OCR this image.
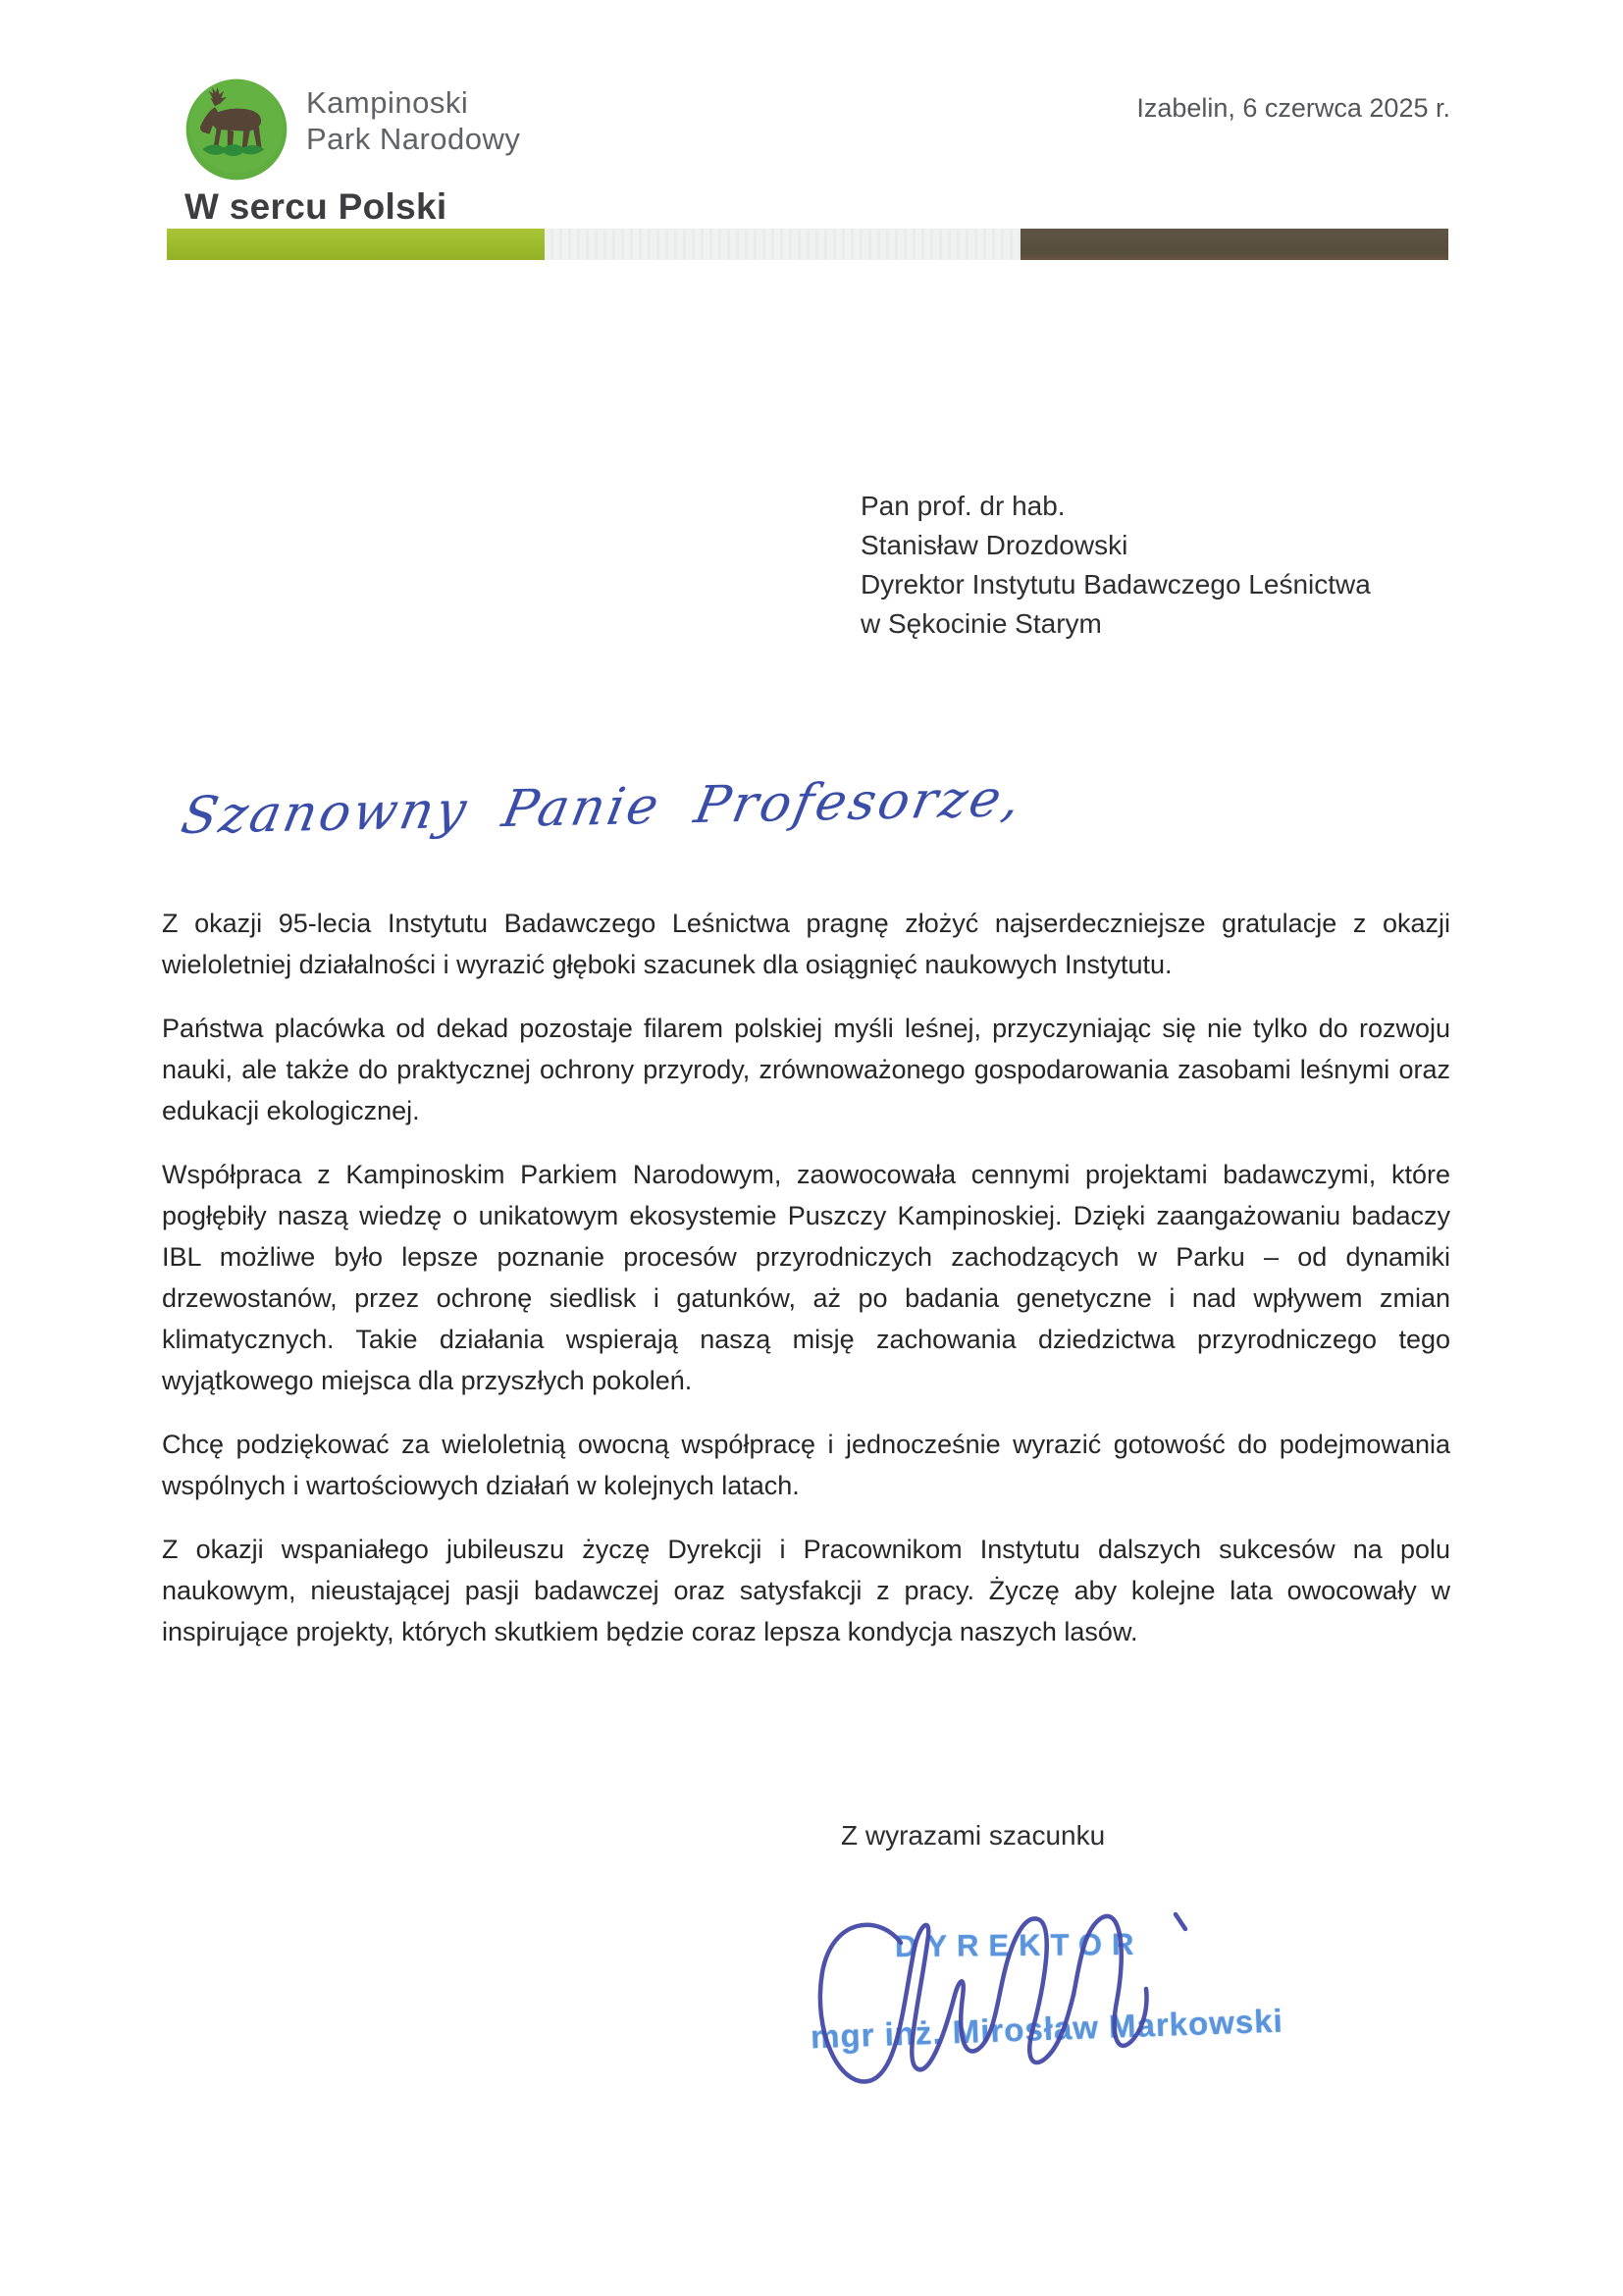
Kampinoski
Park Narodowy
W sercu Polski
Izabelin, 6 czerwca 2025 r.
Pan prof. dr hab.
Stanisław Drozdowski
Dyrektor Instytutu Badawczego Leśnictwa
w Sękocinie Starym
Szanowny Panie Profesorze,

Z okazji 95-lecia Instytutu Badawczego Leśnictwa pragnę złożyć najserdeczniejsze gratulacje z okazji wieloletniej działalności i wyrazić głęboki szacunek dla osiągnięć naukowych Instytutu.

Państwa placówka od dekad pozostaje filarem polskiej myśli leśnej, przyczyniając się nie tylko do rozwoju nauki, ale także do praktycznej ochrony przyrody, zrównoważonego gospodarowania zasobami leśnymi oraz edukacji ekologicznej.

Współpraca z Kampinoskim Parkiem Narodowym, zaowocowała cennymi projektami badawczymi, które pogłębiły naszą wiedzę o unikatowym ekosystemie Puszczy Kampinoskiej. Dzięki zaangażowaniu badaczy IBL możliwe było lepsze poznanie procesów przyrodniczych zachodzących w Parku – od dynamiki drzewostanów, przez ochronę siedlisk i gatunków, aż po badania genetyczne i nad wpływem zmian klimatycznych. Takie działania wspierają naszą misję zachowania dziedzictwa przyrodniczego tego wyjątkowego miejsca dla przyszłych pokoleń.

Chcę podziękować za wieloletnią owocną współpracę i jednocześnie wyrazić gotowość do podejmowania wspólnych i wartościowych działań w kolejnych latach.

Z okazji wspaniałego jubileuszu życzę Dyrekcji i Pracownikom Instytutu dalszych sukcesów na polu naukowym, nieustającej pasji badawczej oraz satysfakcji z pracy. Życzę aby kolejne lata owocowały w inspirujące projekty, których skutkiem będzie coraz lepsza kondycja naszych lasów.

Z wyrazami szacunku
DYREKTOR
mgr inż. Mirosław Markowski
